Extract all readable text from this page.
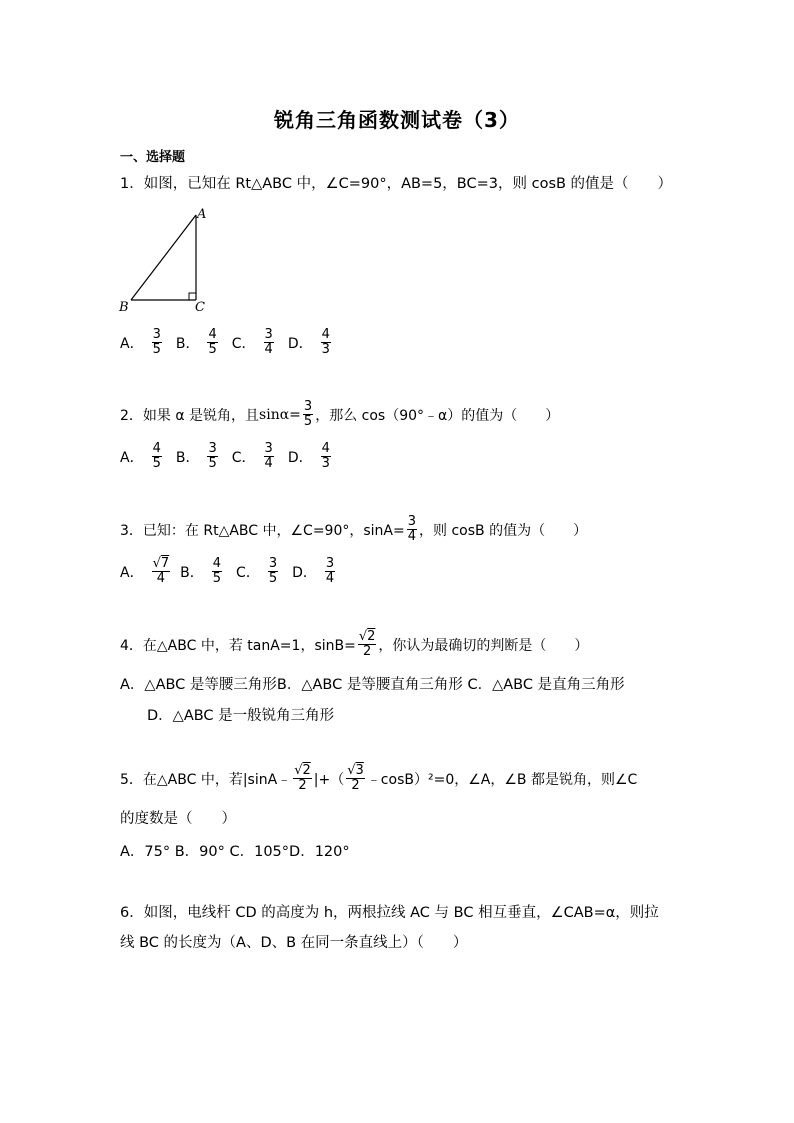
锐角三角函数测试卷（3）
一、选择题
1．如图，已知在 Rt△ABC 中，∠C=90°，AB=5，BC=3，则 cosB 的值是（　　）
A
B	C
A． $\frac{3}{5}$ B． $\frac{4}{5}$ C． $\frac{3}{4}$ D． $\frac{4}{3}$
2．如果 α 是锐角，且 $\sin\alpha= \frac{3}{5}$ ，那么 cos（90°﹣α）的值为（　　）
A． $\frac{4}{5}$ B． $\frac{3}{5}$ C． $\frac{3}{4}$ D． $\frac{4}{3}$
3．已知：在 Rt△ABC 中，∠C=90°，$\sin A= \frac{3}{4}$ ，则 cosB 的值为（　　）
A． $\frac{√7}{4}$ B． $\frac{4}{5}$ C． $\frac{3}{5}$ D． $\frac{3}{4}$
4．在△ABC 中，若 tanA=1，$\sin B= \frac{√2}{2}$ ，你认为最确切的判断是（　　）
A．△ABC 是等腰三角形B．△ABC 是等腰直角三角形 C．△ABC 是直角三角形
D．△ABC 是一般锐角三角形
5．在△ABC 中，若 |sinA﹣ $\frac{√2}{2}$ |+（ $\frac{√3}{2}$ ﹣cosB）²=0，∠A，∠B 都是锐角，则∠C
的度数是（　　）
A．75° B．90° C．105°D．120°
6．如图，电线杆 CD 的高度为 h，两根拉线 AC 与 BC 相互垂直，∠CAB=α，则拉
线 BC 的长度为（A、D、B 在同一条直线上）（　　）
